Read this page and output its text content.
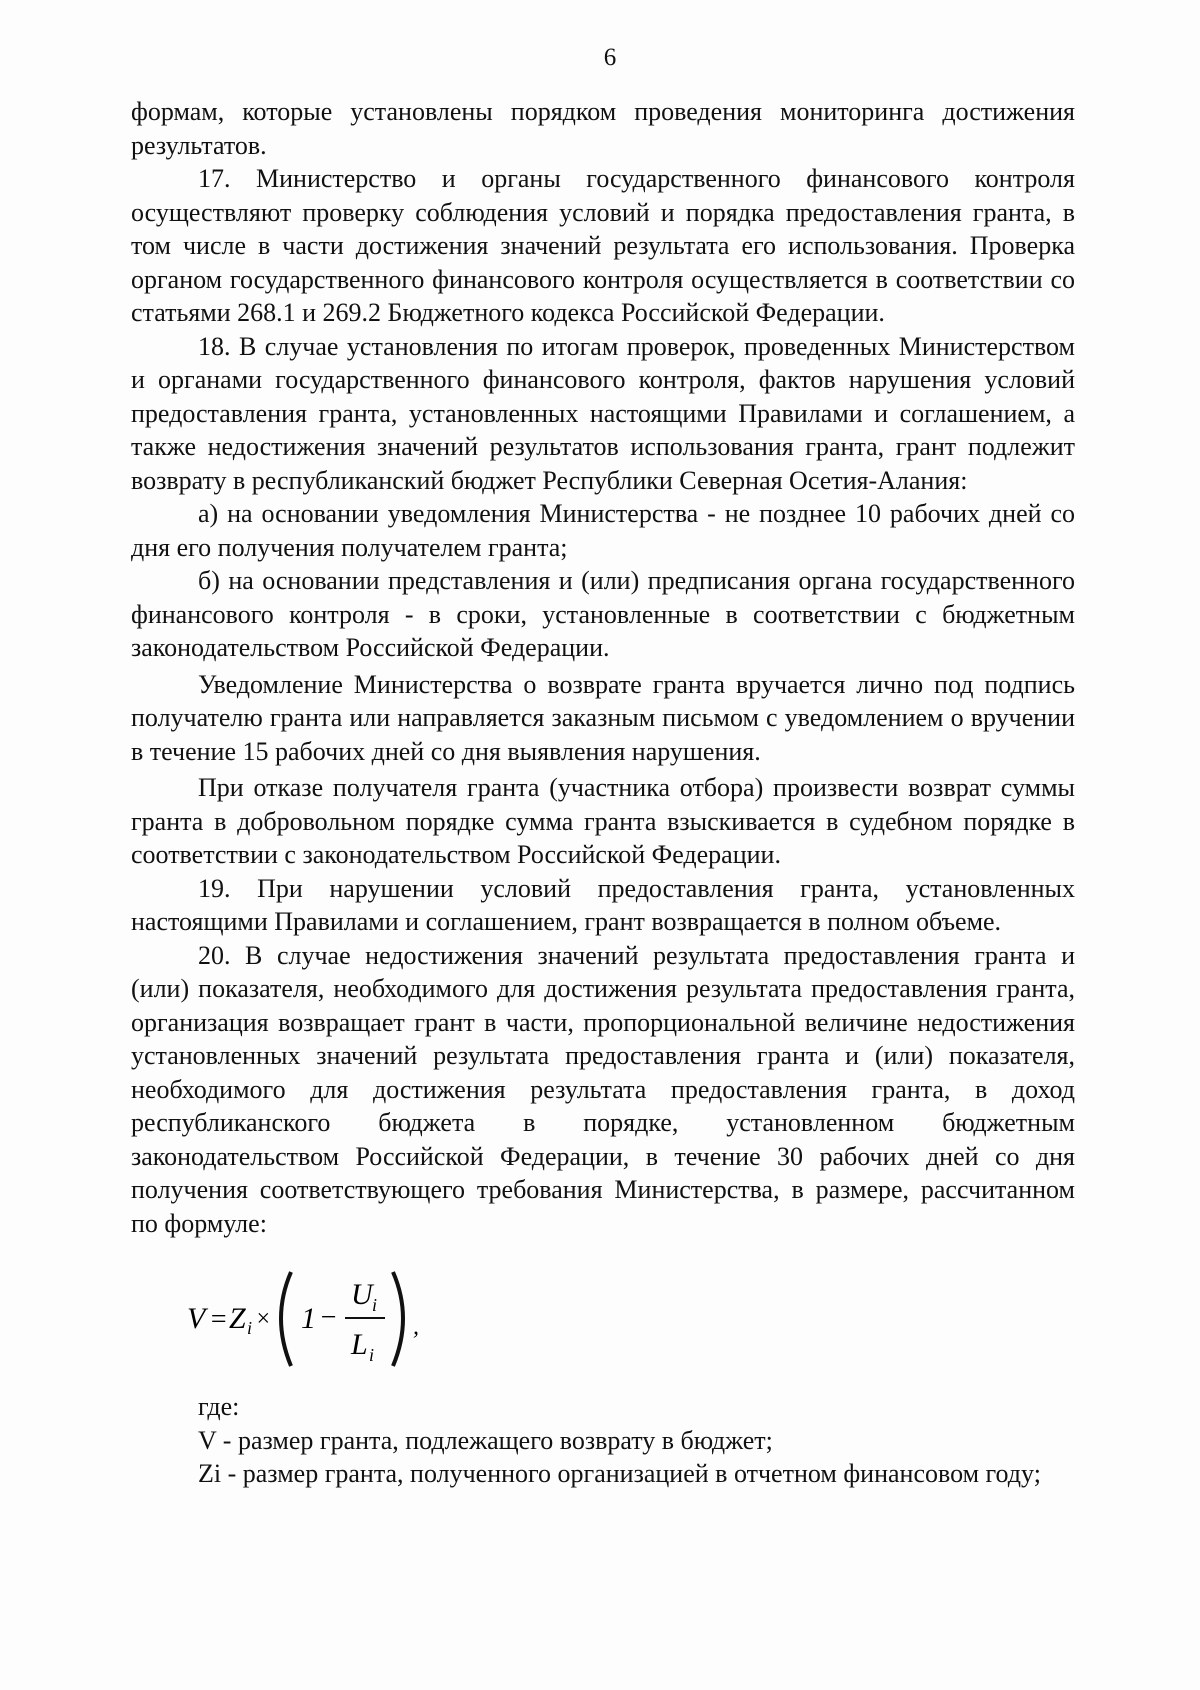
6

формам, которые установлены порядком проведения мониторинга достижения результатов.

17. Министерство и органы государственного финансового контроля осуществляют проверку соблюдения условий и порядка предоставления гранта, в том числе в части достижения значений результата его использования. Проверка органом государственного финансового контроля осуществляется в соответствии со статьями 268.1 и 269.2 Бюджетного кодекса Российской Федерации.

18. В случае установления по итогам проверок, проведенных Министерством и органами государственного финансового контроля, фактов нарушения условий предоставления гранта, установленных настоящими Правилами и соглашением, а также недостижения значений результатов использования гранта, грант подлежит возврату в республиканский бюджет Республики Северная Осетия-Алания:

а) на основании уведомления Министерства - не позднее 10 рабочих дней со дня его получения получателем гранта;

б) на основании представления и (или) предписания органа государственного финансового контроля - в сроки, установленные в соответствии с бюджетным законодательством Российской Федерации.

Уведомление Министерства о возврате гранта вручается лично под подпись получателю гранта или направляется заказным письмом с уведомлением о вручении в течение 15 рабочих дней со дня выявления нарушения.

При отказе получателя гранта (участника отбора) произвести возврат суммы гранта в добровольном порядке сумма гранта взыскивается в судебном порядке в соответствии с законодательством Российской Федерации.

19. При нарушении условий предоставления гранта, установленных настоящими Правилами и соглашением, грант возвращается в полном объеме.

20. В случае недостижения значений результата предоставления гранта и (или) показателя, необходимого для достижения результата предоставления гранта, организация возвращает грант в части, пропорциональной величине недостижения установленных значений результата предоставления гранта и (или) показателя, необходимого для достижения результата предоставления гранта, в доход республиканского бюджета в порядке, установленном бюджетным законодательством Российской Федерации, в течение 30 рабочих дней со дня получения соответствующего требования Министерства, в размере, рассчитанном по формуле:

V = Z i × 1 −
U i
L i
,

где:

V - размер гранта, подлежащего возврату в бюджет;

Zi - размер гранта, полученного организацией в отчетном финансовом году;
